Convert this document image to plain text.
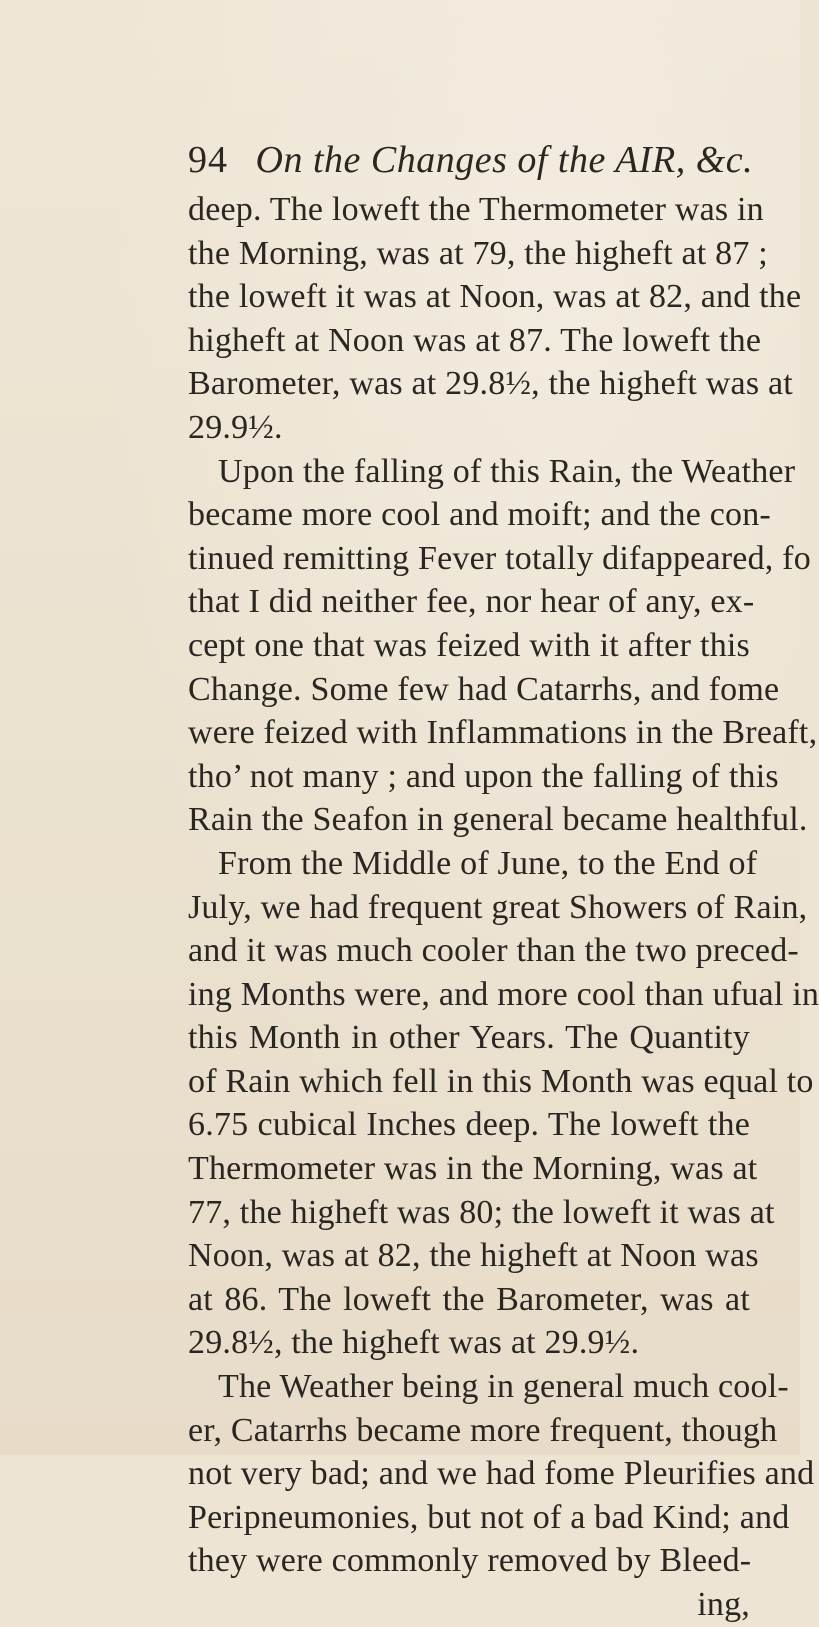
94 On the Changes of the AIR, &c.
deep. The loweft the Thermometer was in
the Morning, was at 79, the higheft at 87 ;
the loweft it was at Noon, was at 82, and the
higheft at Noon was at 87. The loweft the
Barometer, was at 29.8½, the higheft was at
29.9½.
Upon the falling of this Rain, the Weather
became more cool and moift; and the con-
tinued remitting Fever totally difappeared, fo
that I did neither fee, nor hear of any, ex-
cept one that was feized with it after this
Change. Some few had Catarrhs, and fome
were feized with Inflammations in the Breaft,
tho’ not many ; and upon the falling of this
Rain the Seafon in general became healthful.
From the Middle of June, to the End of
July, we had frequent great Showers of Rain,
and it was much cooler than the two preced-
ing Months were, and more cool than ufual in
this Month in other Years. The Quantity
of Rain which fell in this Month was equal to
6.75 cubical Inches deep. The loweft the
Thermometer was in the Morning, was at
77, the higheft was 80; the loweft it was at
Noon, was at 82, the higheft at Noon was
at 86. The loweft the Barometer, was at
29.8½, the higheft was at 29.9½.
The Weather being in general much cool-
er, Catarrhs became more frequent, though
not very bad; and we had fome Pleurifies and
Peripneumonies, but not of a bad Kind; and
they were commonly removed by Bleed-
ing,
